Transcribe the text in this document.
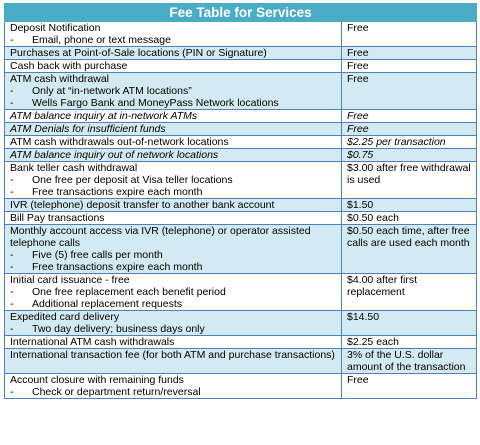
Fee Table for Services	
Deposit Notification
- Email, phone or text message	Free
Purchases at Point-of-Sale locations (PIN or Signature)	Free
Cash back with purchase	Free
ATM cash withdrawal
- Only at “in-network ATM locations”
- Wells Fargo Bank and MoneyPass Network locations	Free
ATM balance inquiry at in-network ATMs	Free
ATM Denials for insufficient funds	Free
ATM cash withdrawals out-of-network locations	$2.25 per transaction
ATM balance inquiry out of network locations	$0.75
Bank teller cash withdrawal
- One free per deposit at Visa teller locations
- Free transactions expire each month	$3.00 after free withdrawal is used
IVR (telephone) deposit transfer to another bank account	$1.50
Bill Pay transactions	$0.50 each
Monthly account access via IVR (telephone) or operator assisted telephone calls
- Five (5) free calls per month
- Free transactions expire each month	$0.50 each time, after free calls are used each month
Initial card issuance - free
- One free replacement each benefit period
- Additional replacement requests	$4.00 after first replacement
Expedited card delivery
- Two day delivery; business days only	$14.50
International ATM cash withdrawals	$2.25 each
International transaction fee (for both ATM and purchase transactions)	3% of the U.S. dollar amount of the transaction
Account closure with remaining funds
- Check or department return/reversal	Free
